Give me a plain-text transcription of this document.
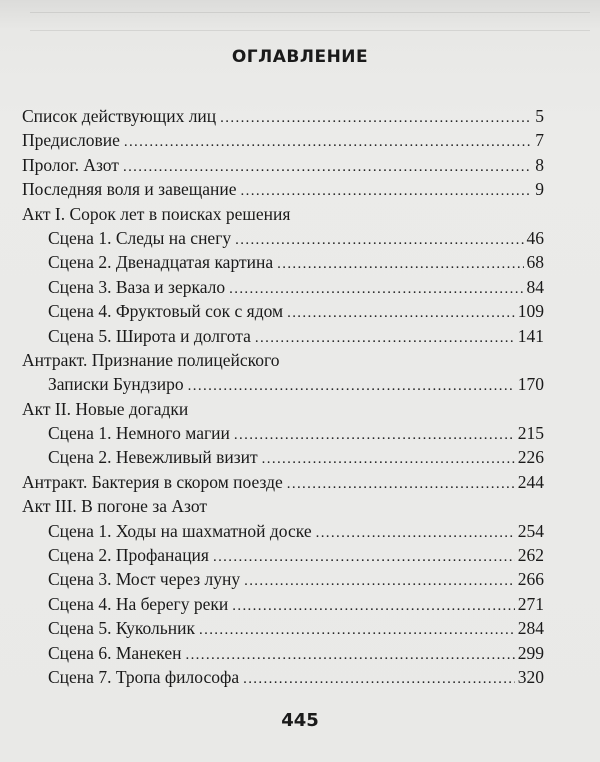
ОГЛАВЛЕНИЕ
Список действующих лиц . . .	5
Предисловие . . .	7
Пролог. Азот . . .	8
Последняя воля и завещание . . .	9
Акт I. Сорок лет в поисках решения
Сцена 1. Следы на снегу . . .	46
Сцена 2. Двенадцатая картина . . .	68
Сцена 3. Ваза и зеркало . . .	84
Сцена 4. Фруктовый сок с ядом . . .	109
Сцена 5. Широта и долгота . . .	141
Антракт. Признание полицейского
Записки Бундзиро . . .	170
Акт II. Новые догадки
Сцена 1. Немного магии . . .	215
Сцена 2. Невежливый визит . . .	226
Антракт. Бактерия в скором поезде . . .	244
Акт III. В погоне за Азот
Сцена 1. Ходы на шахматной доске . . .	254
Сцена 2. Профанация . . .	262
Сцена 3. Мост через луну . . .	266
Сцена 4. На берегу реки . . .	271
Сцена 5. Кукольник . . .	284
Сцена 6. Манекен . . .	299
Сцена 7. Тропа философа . . .	320
445
